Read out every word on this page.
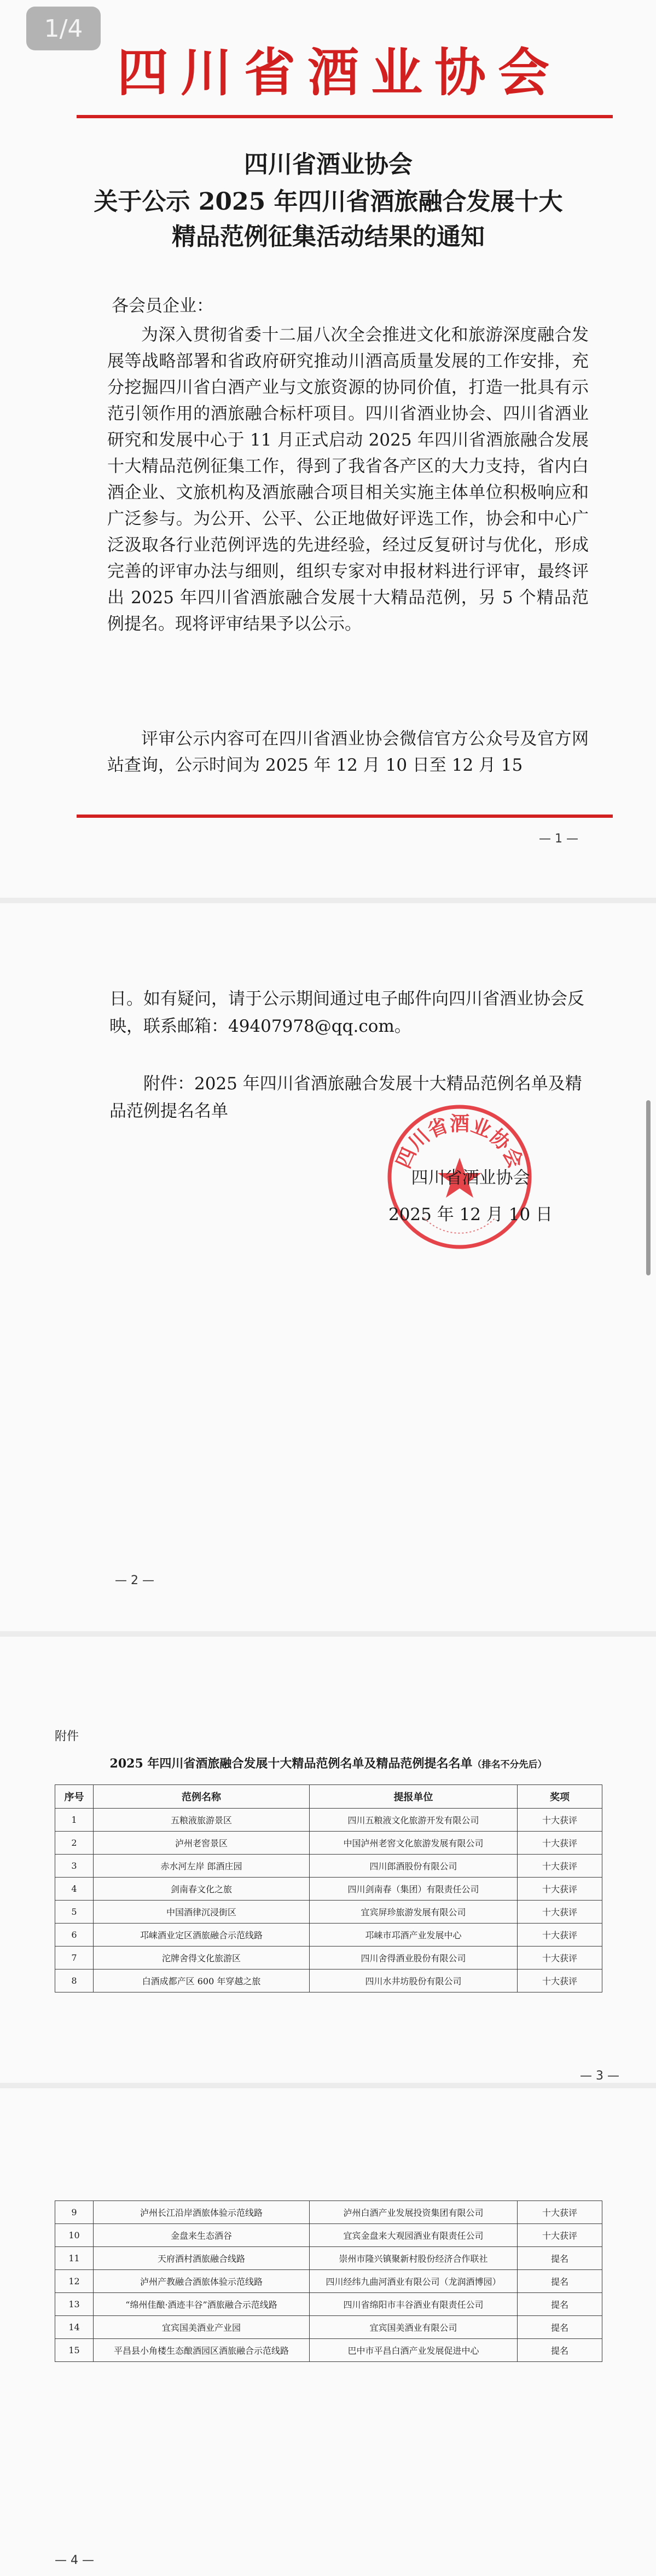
1/4
四川省酒业协会
四川省酒业协会
关于公示 2025 年四川省酒旅融合发展十大
精品范例征集活动结果的通知
各会员企业：
为深入贯彻省委十二届八次全会推进文化和旅游深度融合发展等战略部署和省政府研究推动川酒高质量发展的工作安排，充分挖掘四川省白酒产业与文旅资源的协同价值，打造一批具有示范引领作用的酒旅融合标杆项目。四川省酒业协会、四川省酒业研究和发展中心于 11 月正式启动 2025 年四川省酒旅融合发展十大精品范例征集工作，得到了我省各产区的大力支持，省内白酒企业、文旅机构及酒旅融合项目相关实施主体单位积极响应和广泛参与。为公开、公平、公正地做好评选工作，协会和中心广泛汲取各行业范例评选的先进经验，经过反复研讨与优化，形成完善的评审办法与细则，组织专家对申报材料进行评审，最终评出 2025 年四川省酒旅融合发展十大精品范例，另 5 个精品范例提名。现将评审结果予以公示。
评审公示内容可在四川省酒业协会微信官方公众号及官方网站查询，公示时间为 2025 年 12 月 10 日至 12 月 15
— 1 —
日。如有疑问，请于公示期间通过电子邮件向四川省酒业协会反映，联系邮箱：49407978@qq.com。
附件：2025 年四川省酒旅融合发展十大精品范例名单及精品范例提名名单
四川省酒业协会
四川省酒业协会
2025 年 12 月 10 日
— 2 —
附件
2025 年四川省酒旅融合发展十大精品范例名单及精品范例提名名单（排名不分先后）
序号	范例名称	提报单位	奖项
1	五粮液旅游景区	四川五粮液文化旅游开发有限公司	十大获评
2	泸州老窖景区	中国泸州老窖文化旅游发展有限公司	十大获评
3	赤水河左岸 郎酒庄园	四川郎酒股份有限公司	十大获评
4	剑南春文化之旅	四川剑南春（集团）有限责任公司	十大获评
5	中国酒律沉浸街区	宜宾屏珍旅游发展有限公司	十大获评
6	邛崃酒业定区酒旅融合示范线路	邛崃市邛酒产业发展中心	十大获评
7	沱牌舍得文化旅游区	四川舍得酒业股份有限公司	十大获评
8	白酒成都产区 600 年穿越之旅	四川水井坊股份有限公司	十大获评
— 3 —
9	泸州长江沿岸酒旅体验示范线路	泸州白酒产业发展投资集团有限公司	十大获评
10	金盘来生态酒谷	宜宾金盘来大观园酒业有限责任公司	十大获评
11	天府酒村酒旅融合线路	崇州市隆兴镇聚新村股份经济合作联社	提名
12	泸州产教融合酒旅体验示范线路	四川经纬九曲河酒业有限公司（龙润酒博园）	提名
13	“绵州佳酿·酒迹丰谷”酒旅融合示范线路	四川省绵阳市丰谷酒业有限责任公司	提名
14	宜宾国美酒业产业园	宜宾国美酒业有限公司	提名
15	平昌县小角楼生态酿酒园区酒旅融合示范线路	巴中市平昌白酒产业发展促进中心	提名
— 4 —
